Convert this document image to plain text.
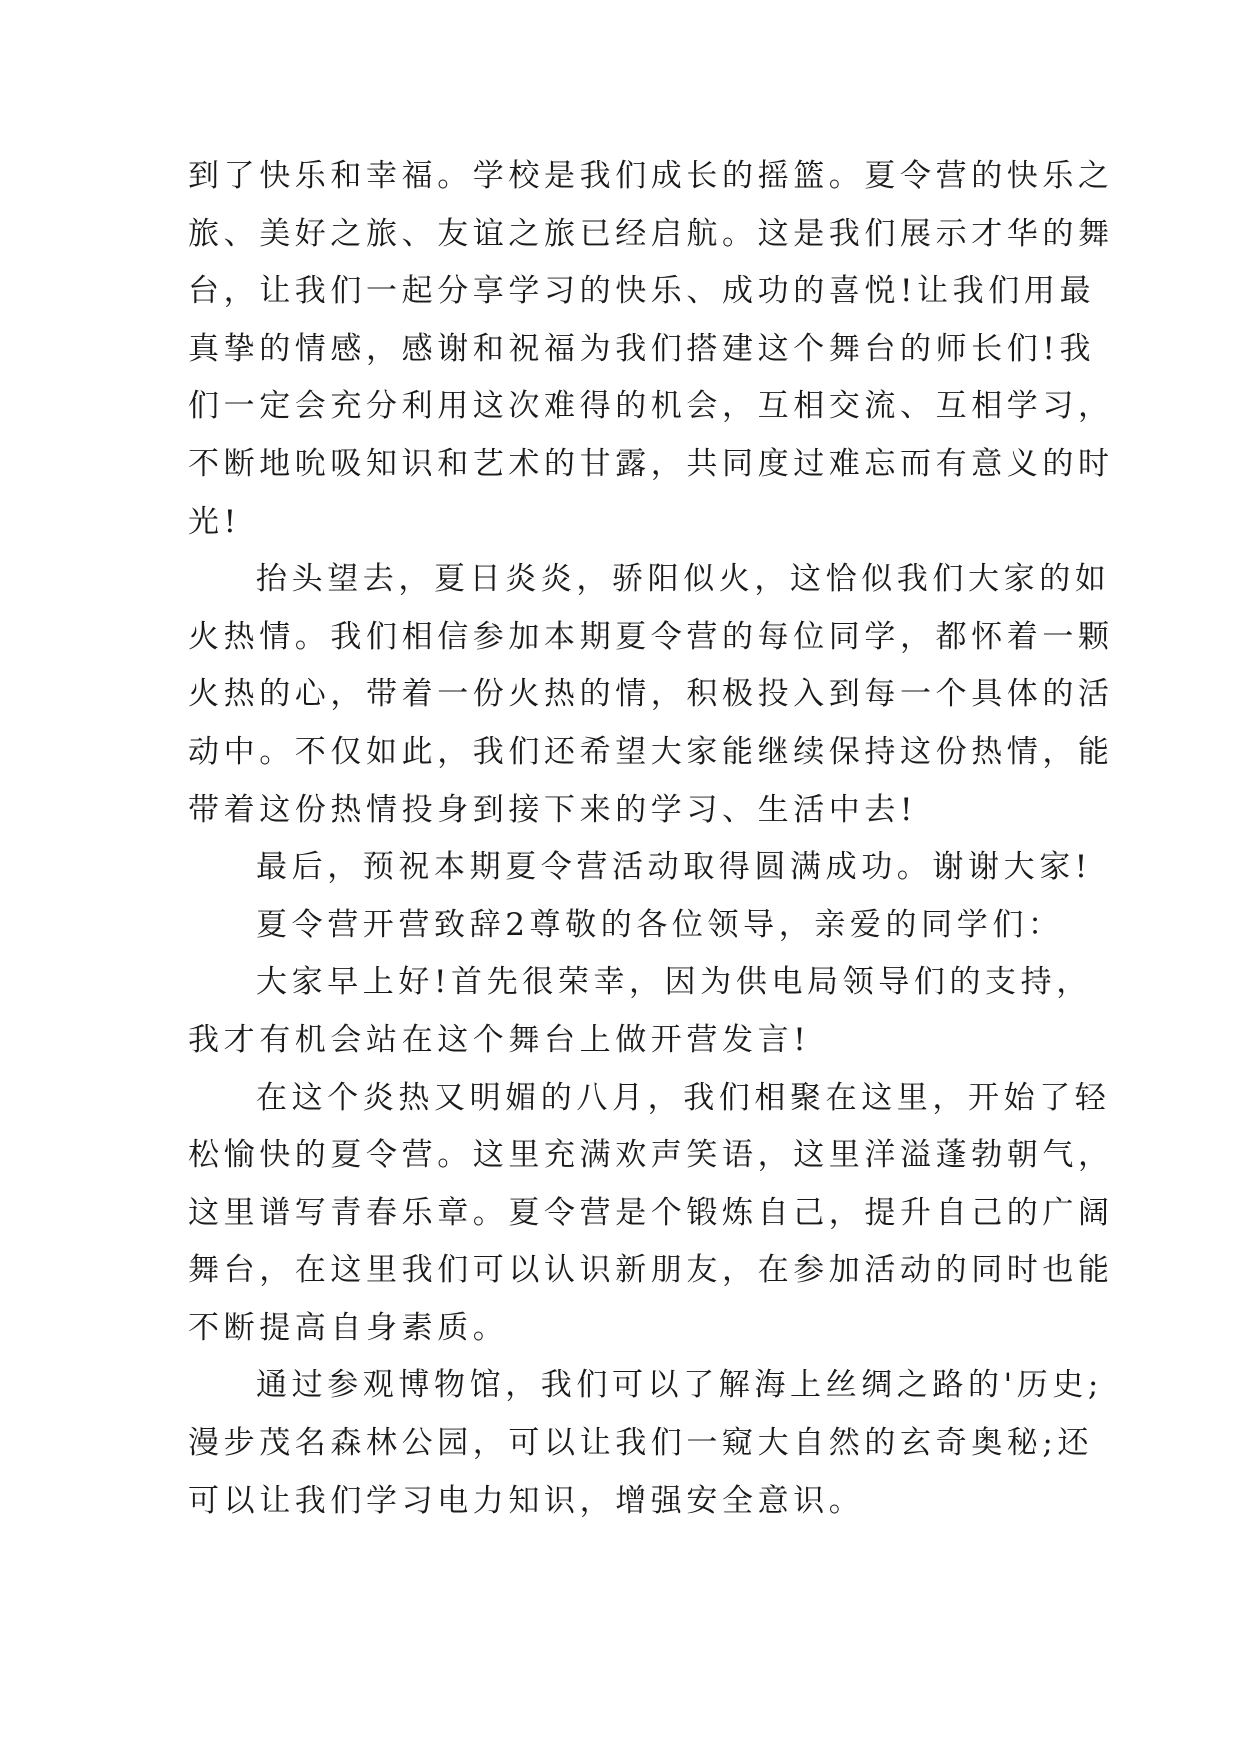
到了快乐和幸福。学校是我们成长的摇篮。夏令营的快乐之
旅、美好之旅、友谊之旅已经启航。这是我们展示才华的舞
台，让我们一起分享学习的快乐、成功的喜悦!让我们用最
真挚的情感，感谢和祝福为我们搭建这个舞台的师长们!我
们一定会充分利用这次难得的机会，互相交流、互相学习，
不断地吮吸知识和艺术的甘露，共同度过难忘而有意义的时
光!
抬头望去，夏日炎炎，骄阳似火，这恰似我们大家的如
火热情。我们相信参加本期夏令营的每位同学，都怀着一颗
火热的心，带着一份火热的情，积极投入到每一个具体的活
动中。不仅如此，我们还希望大家能继续保持这份热情，能
带着这份热情投身到接下来的学习、生活中去!
最后，预祝本期夏令营活动取得圆满成功。谢谢大家!
夏令营开营致辞2尊敬的各位领导，亲爱的同学们：
大家早上好!首先很荣幸，因为供电局领导们的支持，
我才有机会站在这个舞台上做开营发言!
在这个炎热又明媚的八月，我们相聚在这里，开始了轻
松愉快的夏令营。这里充满欢声笑语，这里洋溢蓬勃朝气，
这里谱写青春乐章。夏令营是个锻炼自己，提升自己的广阔
舞台，在这里我们可以认识新朋友，在参加活动的同时也能
不断提高自身素质。
通过参观博物馆，我们可以了解海上丝绸之路的'历史;
漫步茂名森林公园，可以让我们一窥大自然的玄奇奥秘;还
可以让我们学习电力知识，增强安全意识。
